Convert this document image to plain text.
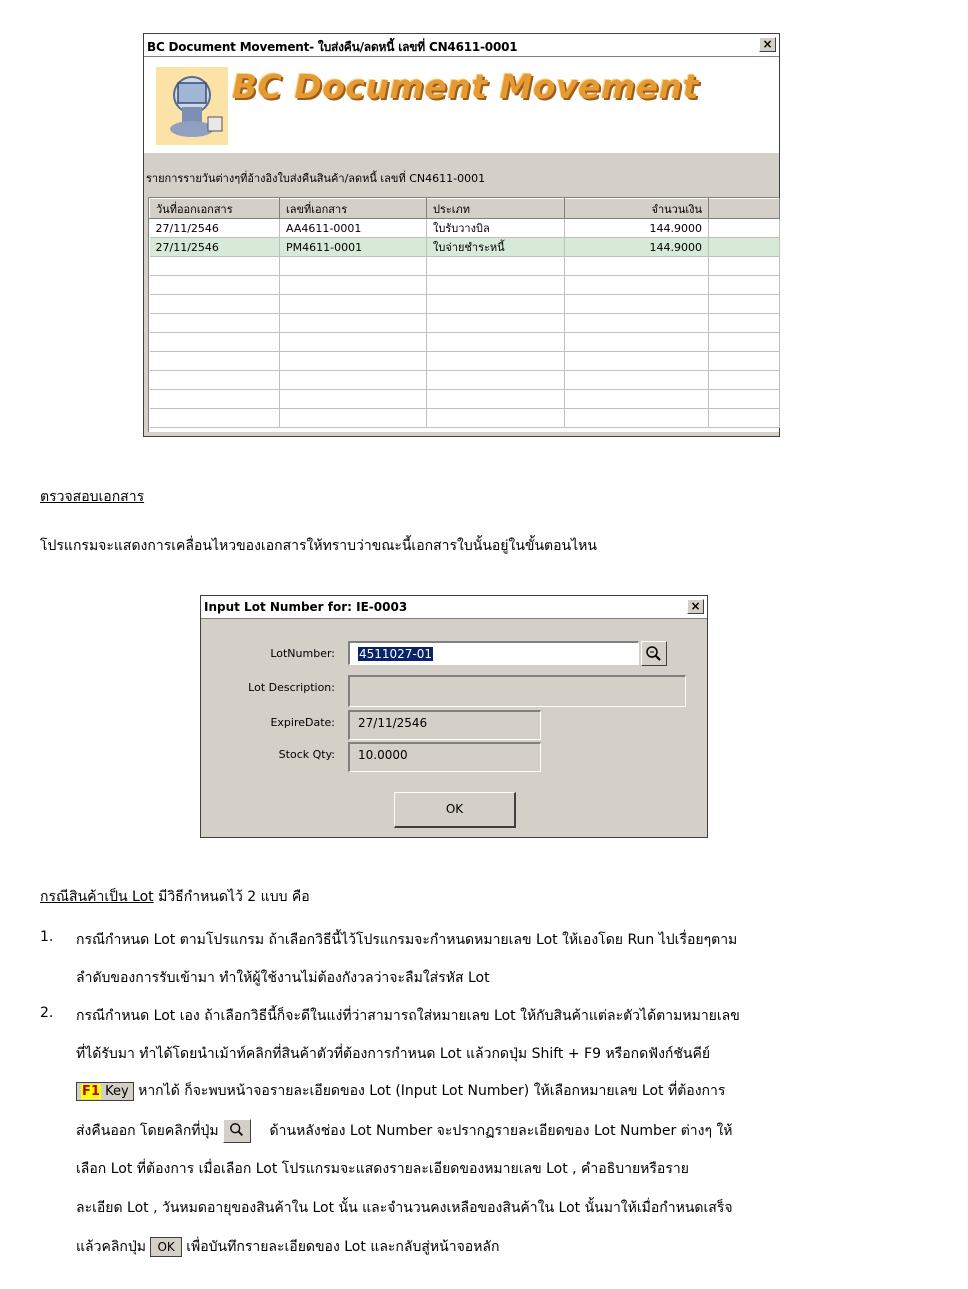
BC Document Movement- ใบส่งคืน/ลดหนี้ เลขที่ CN4611-0001	×
BC Document Movement
รายการรายวันต่างๆที่อ้างอิงใบส่งคืนสินค้า/ลดหนี้ เลขที่ CN4611-0001
วันที่ออกเอกสาร	เลขที่เอกสาร	ประเภท	จำนวนเงิน	
27/11/2546	AA4611-0001	ใบรับวางบิล	144.9000	
27/11/2546	PM4611-0001	ใบจ่ายชำระหนี้	144.9000	

ตรวจสอบเอกสาร
โปรแกรมจะแสดงการเคลื่อนไหวของเอกสารให้ทราบว่าขณะนี้เอกสารใบนั้นอยู่ในขั้นตอนไหน
Input Lot Number for: IE-0003	×
LotNumber:	4511027-01
Lot Description:
ExpireDate:	27/11/2546
Stock Qty:	10.0000
OK
กรณีสินค้าเป็น Lot มีวิธีกำหนดไว้ 2 แบบ คือ
1. กรณีกำหนด Lot ตามโปรแกรม ถ้าเลือกวิธีนี้ไว้โปรแกรมจะกำหนดหมายเลข Lot ให้เองโดย Run ไปเรื่อยๆตาม
ลำดับของการรับเข้ามา ทำให้ผู้ใช้งานไม่ต้องกังวลว่าจะลืมใส่รหัส Lot
2. กรณีกำหนด Lot เอง ถ้าเลือกวิธีนี้ก็จะดีในแง่ที่ว่าสามารถใส่หมายเลข Lot ให้กับสินค้าแต่ละตัวได้ตามหมายเลข
ที่ได้รับมา ทำได้โดยนำเม้าท์คลิกที่สินค้าตัวที่ต้องการกำหนด Lot แล้วกดปุ่ม Shift + F9 หรือกดฟังก์ชันคีย์
F1 Key หากได้ ก็จะพบหน้าจอรายละเอียดของ Lot (Input Lot Number) ให้เลือกหมายเลข Lot ที่ต้องการ
ส่งคืนออก โดยคลิกที่ปุ่ม	ด้านหลังช่อง Lot Number จะปรากฏรายละเอียดของ Lot Number ต่างๆ ให้
เลือก Lot ที่ต้องการ เมื่อเลือก Lot โปรแกรมจะแสดงรายละเอียดของหมายเลข Lot , คำอธิบายหรือราย
ละเอียด Lot , วันหมดอายุของสินค้าใน Lot นั้น และจำนวนคงเหลือของสินค้าใน Lot นั้นมาให้เมื่อกำหนดเสร็จ
แล้วคลิกปุ่ม OK เพื่อบันทึกรายละเอียดของ Lot และกลับสู่หน้าจอหลัก
